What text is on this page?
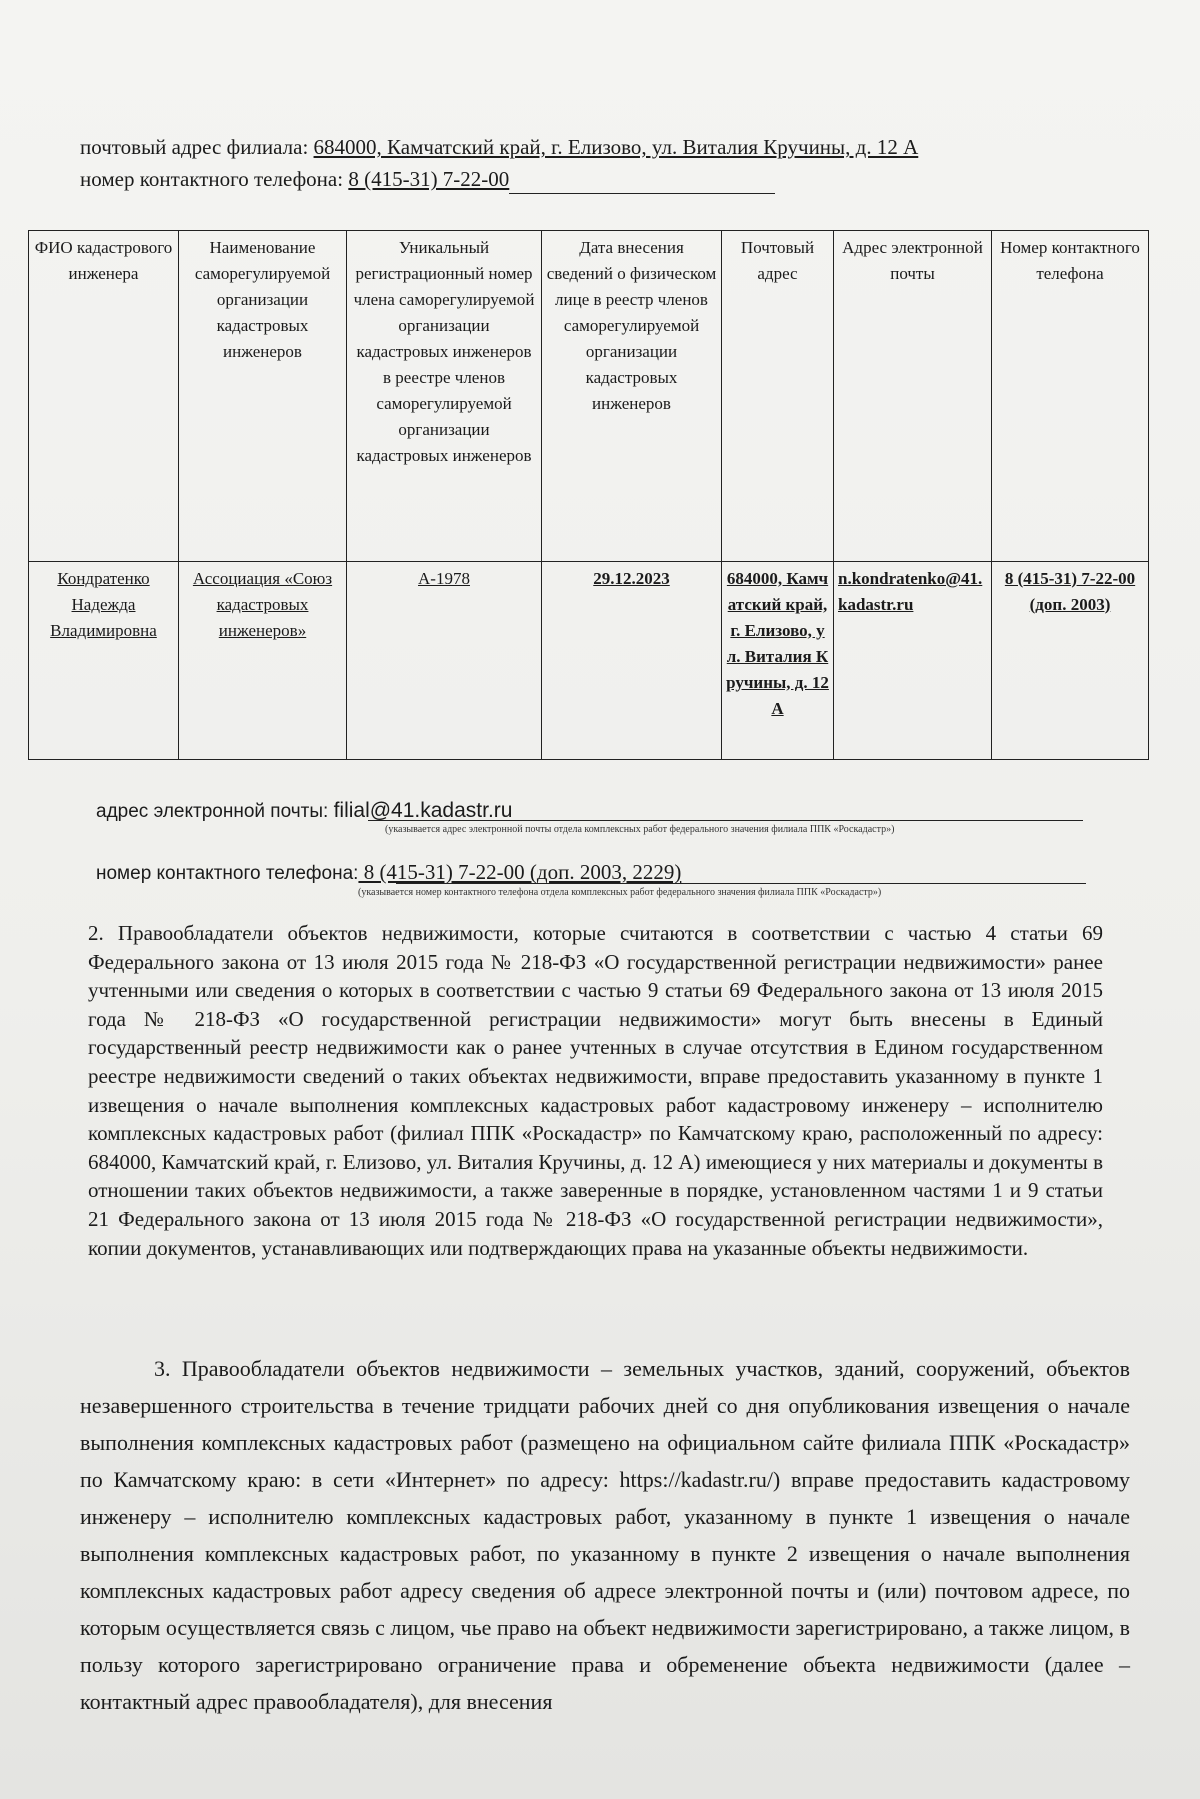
почтовый адрес филиала: 684000, Камчатский край, г. Елизово, ул. Виталия Кручины, д. 12 А
номер контактного телефона: 8 (415-31) 7-22-00
ФИО кадастрового инженера	Наименование саморегулируемой организации кадастровых инженеров	Уникальный регистрационный номер члена саморегулируемой организации кадастровых инженеров в реестре членов саморегулируемой организации кадастровых инженеров	Дата внесения сведений о физическом лице в реестр членов саморегулируемой организации кадастровых инженеров	Почтовый адрес	Адрес электронной почты	Номер контактного телефона
Кондратенко Надежда Владимировна	Ассоциация «Союз кадастровых инженеров»	А-1978	29.12.2023	684000, Камчатский край, г. Елизово, ул. Виталия Кручины, д. 12 А	n.kondratenko@41.kadastr.ru	8 (415-31) 7-22-00 (доп. 2003)
адрес электронной почты: filial@41.kadastr.ru
(указывается адрес электронной почты отдела комплексных работ федерального значения филиала ППК «Роскадастр»)
номер контактного телефона: 8 (415-31) 7-22-00 (доп. 2003, 2229)
(указывается номер контактного телефона отдела комплексных работ федерального значения филиала ППК «Роскадастр»)

2. Правообладатели объектов недвижимости, которые считаются в соответствии с частью 4 статьи 69 Федерального закона от 13 июля 2015 года № 218-ФЗ «О государственной регистрации недвижимости» ранее учтенными или сведения о которых в соответствии с частью 9 статьи 69 Федерального закона от 13 июля 2015 года № 218-ФЗ «О государственной регистрации недвижимости» могут быть внесены в Единый государственный реестр недвижимости как о ранее учтенных в случае отсутствия в Едином государственном реестре недвижимости сведений о таких объектах недвижимости, вправе предоставить указанному в пункте 1 извещения о начале выполнения комплексных кадастровых работ кадастровому инженеру – исполнителю комплексных кадастровых работ (филиал ППК «Роскадастр» по Камчатскому краю, расположенный по адресу: 684000, Камчатский край, г. Елизово, ул. Виталия Кручины, д. 12 А) имеющиеся у них материалы и документы в отношении таких объектов недвижимости, а также заверенные в порядке, установленном частями 1 и 9 статьи 21 Федерального закона от 13 июля 2015 года № 218-ФЗ «О государственной регистрации недвижимости», копии документов, устанавливающих или подтверждающих права на указанные объекты недвижимости.

3. Правообладатели объектов недвижимости – земельных участков, зданий, сооружений, объектов незавершенного строительства в течение тридцати рабочих дней со дня опубликования извещения о начале выполнения комплексных кадастровых работ (размещено на официальном сайте филиала ППК «Роскадастр» по Камчатскому краю: в сети «Интернет» по адресу: https://kadastr.ru/) вправе предоставить кадастровому инженеру – исполнителю комплексных кадастровых работ, указанному в пункте 1 извещения о начале выполнения комплексных кадастровых работ, по указанному в пункте 2 извещения о начале выполнения комплексных кадастровых работ адресу сведения об адресе электронной почты и (или) почтовом адресе, по которым осуществляется связь с лицом, чье право на объект недвижимости зарегистрировано, а также лицом, в пользу которого зарегистрировано ограничение права и обременение объекта недвижимости (далее – контактный адрес правообладателя), для внесения
